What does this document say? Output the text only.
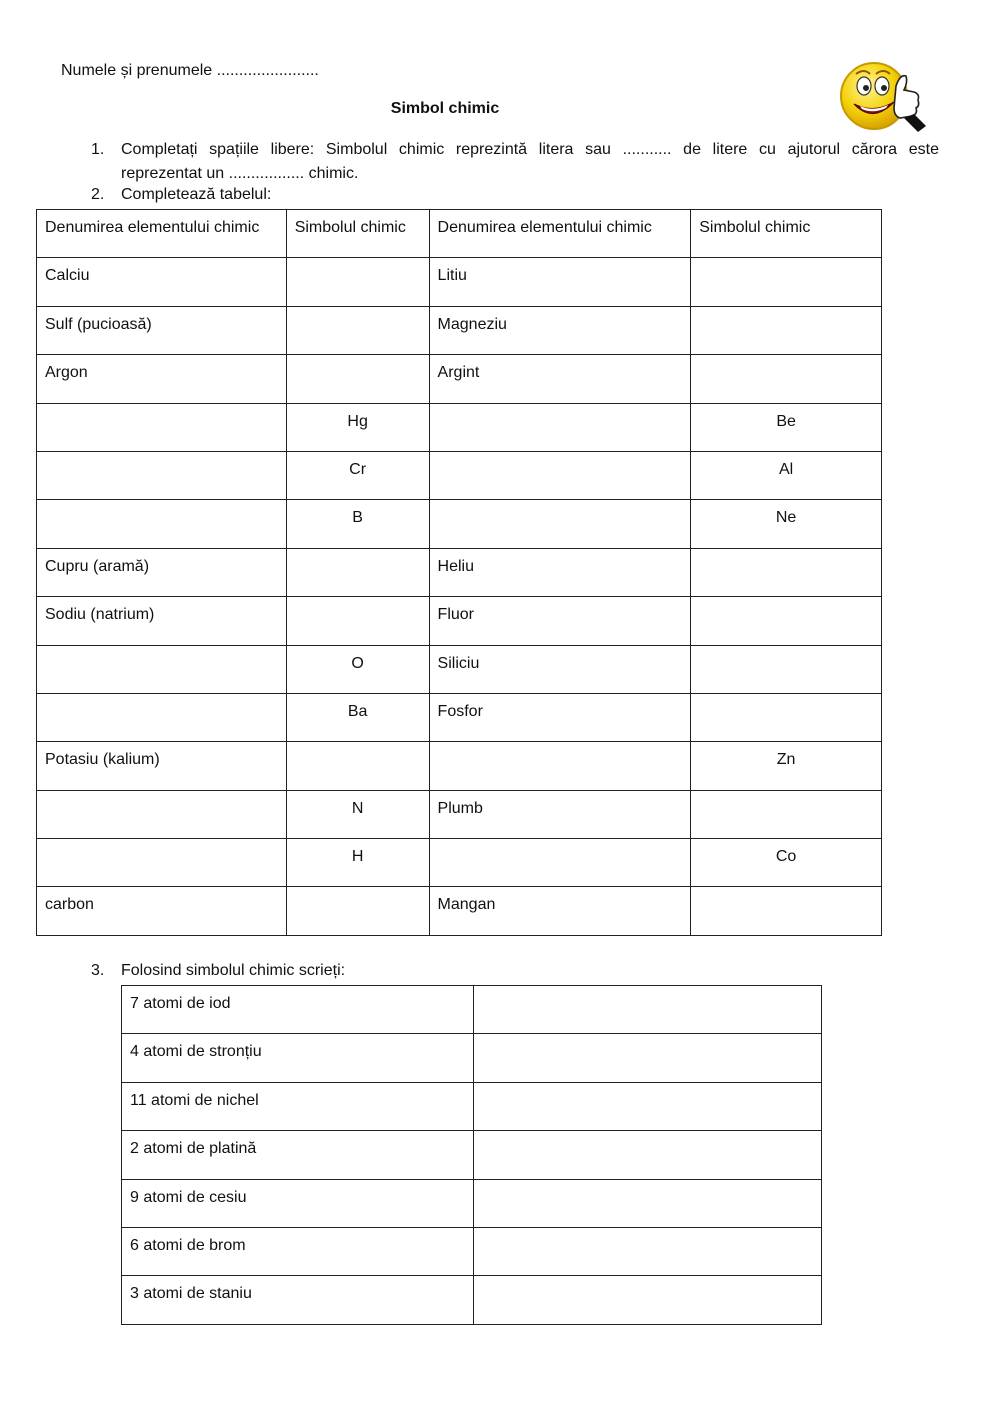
Numele și prenumele .......................
Simbol chimic
1. Completați spațiile libere: Simbolul chimic reprezintă litera sau ........... de litere cu ajutorul cărora este
reprezentat un ................. chimic.
2. Completează tabelul:
Denumirea elementului chimic	Simbolul chimic	Denumirea elementului chimic	Simbolul chimic
Calciu		Litiu	
Sulf (pucioasă)		Magneziu	
Argon		Argint	
	Hg		Be
	Cr		Al
	B		Ne
Cupru (aramă)		Heliu	
Sodiu (natrium)		Fluor	
	O	Siliciu	
	Ba	Fosfor	
Potasiu (kalium)			Zn
	N	Plumb	
	H		Co
carbon		Mangan	
3. Folosind simbolul chimic scrieți:
7 atomi de iod	
4 atomi de stronțiu	
11 atomi de nichel	
2 atomi de platină	
9 atomi de cesiu	
6 atomi de brom	
3 atomi de staniu	
